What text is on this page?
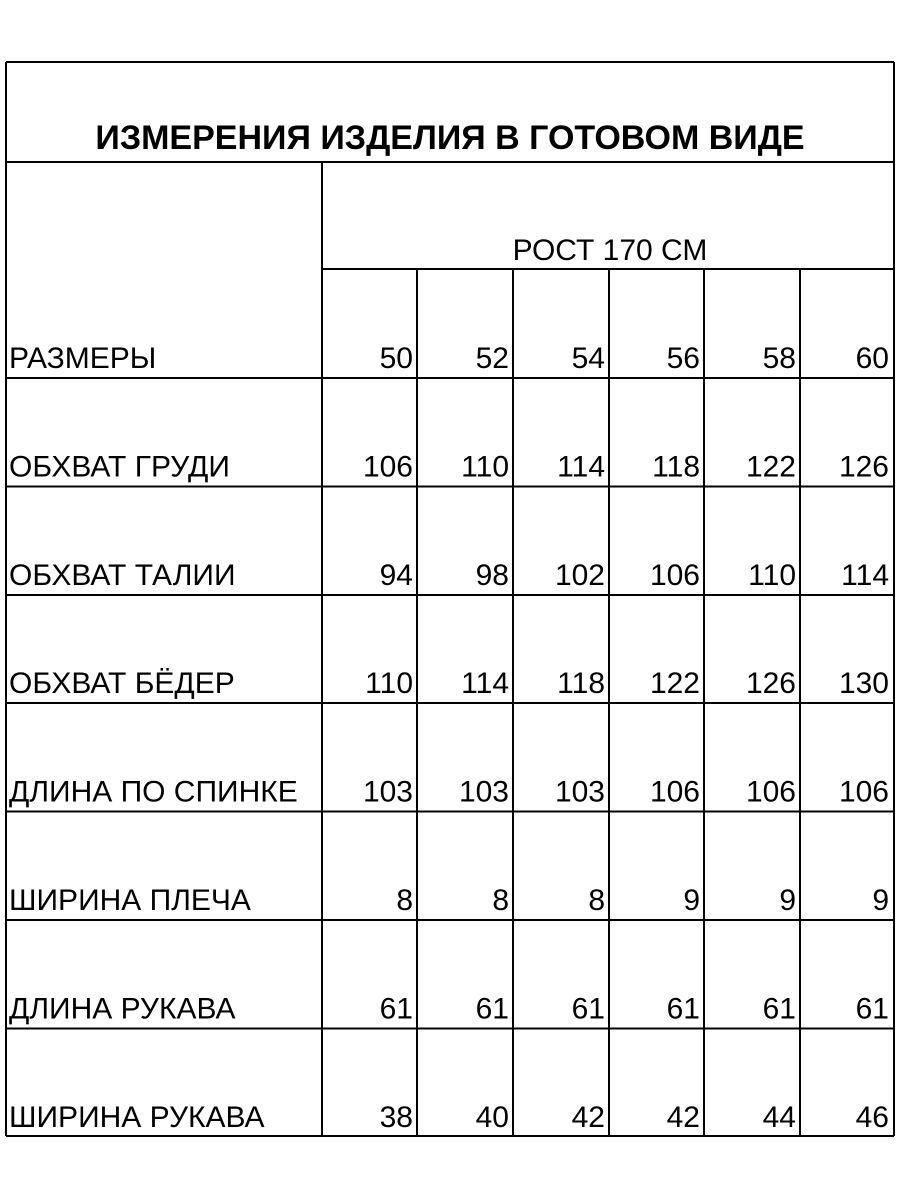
ИЗМЕРЕНИЯ ИЗДЕЛИЯ В ГОТОВОМ ВИДЕ
РОСТ 170 СМ
РАЗМЕРЫ	50 52 54 56 58 60
ОБХВАТ ГРУДИ	106 110 114 118 122 126
ОБХВАТ ТАЛИИ	94 98 102 106 110 114
ОБХВАТ БЁДЕР	110 114 118 122 126 130
ДЛИНА ПО СПИНКЕ 103 103 103 106 106 106
ШИРИНА ПЛЕЧА	8	8	8	9	9	9
ДЛИНА РУКАВА	61 61 61 61 61 61
ШИРИНА РУКАВА	38 40 42 42 44 46
